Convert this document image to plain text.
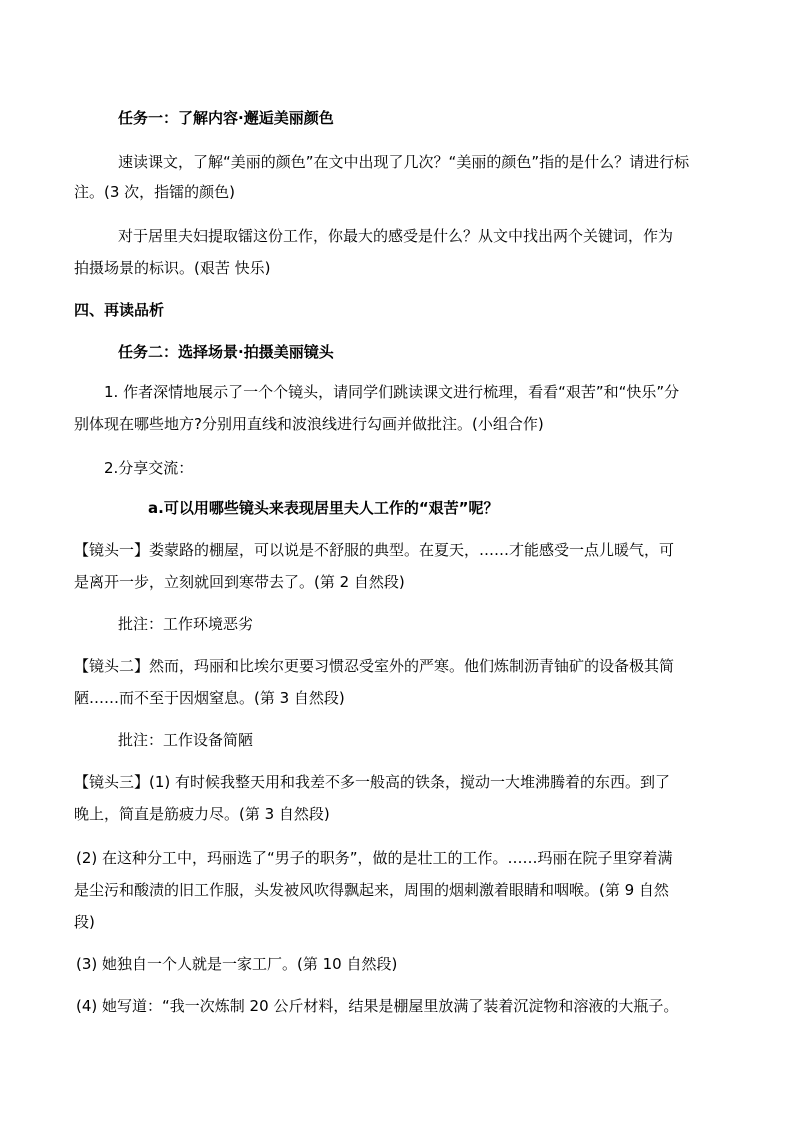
任务一：了解内容·邂逅美丽颜色
速读课文，了解“美丽的颜色”在文中出现了几次？“美丽的颜色”指的是什么？请进行标
注。(3 次，指镭的颜色)
对于居里夫妇提取镭这份工作，你最大的感受是什么？从文中找出两个关键词，作为
拍摄场景的标识。(艰苦 快乐)
四、再读品析
任务二：选择场景·拍摄美丽镜头
1. 作者深情地展示了一个个镜头，请同学们跳读课文进行梳理，看看“艰苦”和“快乐”分
别体现在哪些地方?分别用直线和波浪线进行勾画并做批注。(小组合作)
2.分享交流：
a.可以用哪些镜头来表现居里夫人工作的“艰苦”呢？
【镜头一】娄蒙路的棚屋，可以说是不舒服的典型。在夏天，……才能感受一点儿暖气，可
是离开一步，立刻就回到寒带去了。(第 2 自然段)
批注：工作环境恶劣
【镜头二】然而，玛丽和比埃尔更要习惯忍受室外的严寒。他们炼制沥青铀矿的设备极其简
陋……而不至于因烟窒息。(第 3 自然段)
批注：工作设备简陋
【镜头三】(1) 有时候我整天用和我差不多一般高的铁条，搅动一大堆沸腾着的东西。到了
晚上，简直是筋疲力尽。(第 3 自然段)
(2) 在这种分工中，玛丽选了“男子的职务”，做的是壮工的工作。……玛丽在院子里穿着满
是尘污和酸渍的旧工作服，头发被风吹得飘起来，周围的烟刺激着眼睛和咽喉。(第 9 自然
段)
(3) 她独自一个人就是一家工厂。(第 10 自然段)
(4) 她写道：“我一次炼制 20 公斤材料，结果是棚屋里放满了装着沉淀物和溶液的大瓶子。
